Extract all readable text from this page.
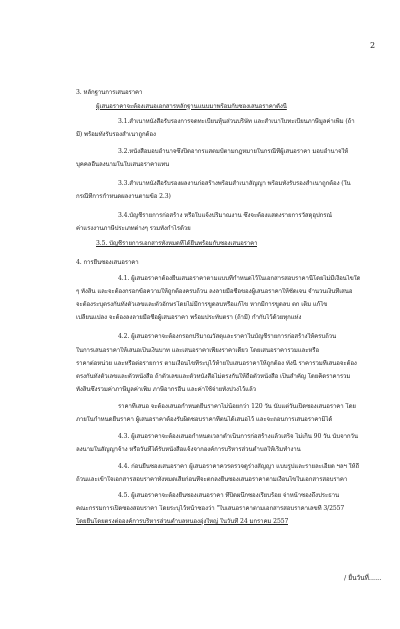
2
3. หลักฐานการเสนอราคา
ผู้เสนอราคาจะต้องเสนอเอกสารหลักฐานแนบมาพร้อมกับซองเสนอราคาดังนี้
3.1.สำเนาหนังสือรับรองการจดทะเบียนหุ้นส่วนบริษัท และสำเนาใบทะเบียนภาษีมูลค่าเพิ่ม (ถ้า
มี) พร้อมทั้งรับรองสำเนาถูกต้อง
3.2.หนังสือมอบอำนาจซึ่งปิดอากรแสตมป์ตามกฎหมายในกรณีที่ผู้เสนอราคา มอบอำนาจให้
บุคคลอื่นลงนามในใบเสนอราคาแทน
3.3.สำเนาหนังสือรับรองผลงานก่อสร้างพร้อมสำเนาสัญญา พร้อมทั้งรับรองสำเนาถูกต้อง (ใน
กรณีที่การกำหนดผลงานตามข้อ 2.3)
3.4.บัญชีรายการก่อสร้าง หรือใบแจ้งปริมาณงาน ซึ่งจะต้องแสดงรายการวัสดุอุปกรณ์
ค่าแรงงานภาษีประเภทต่างๆ รวมทั้งกำไรด้วย
3.5. บัญชีรายการเอกสารทั้งหมดที่ได้ยื่นพร้อมกับซองเสนอราคา
4. การยื่นซองเสนอราคา
4.1. ผู้เสนอราคาต้องยื่นเสนอราคาตามแบบที่กำหนดไว้ในเอกสารสอบราคานี้โดยไม่มีเงื่อนไขใด
ๆ ทั้งสิ้น และจะต้องกรอกข้อความให้ถูกต้องครบถ้วน ลงลายมือชื่อของผู้เสนอราคาให้ชัดเจน จำนวนเงินที่เสนอ
จะต้องระบุตรงกันทั้งตัวเลขและตัวอักษรโดยไม่มีการขูดลบหรือแก้ไข หากมีการขูดลบ ตก เติม แก้ไข
เปลี่ยนแปลง จะต้องลงลายมือชื่อผู้เสนอราคา พร้อมประทับตรา (ถ้ามี) กำกับไว้ด้วยทุกแห่ง
4.2. ผู้เสนอราคาจะต้องกรอกปริมาณวัสดุและราคาในบัญชีรายการก่อสร้างให้ครบถ้วน
ในการเสนอราคาให้เสนอเป็นเงินบาท และเสนอราคาเพียงราคาเดียว โดยเสนอราคารวมและหรือ
ราคาต่อหน่วย และหรือต่อรายการ ตามเงื่อนไขที่ระบุไว้ท้ายใบเสนอราคาให้ถูกต้อง ทั้งนี้ ราคารวมที่เสนอจะต้อง
ตรงกันทั้งตัวเลขและตัวหนังสือ ถ้าตัวเลขและตัวหนังสือไม่ตรงกันให้ถือตัวหนังสือ เป็นสำคัญ โดยคิดราคารวม
ทั้งสิ้นซึ่งรวมค่าภาษีมูลค่าเพิ่ม ภาษีอากรอื่น และค่าใช้จ่ายทั้งปวงไว้แล้ว
ราคาที่เสนอ จะต้องเสนอกำหนดยืนราคาไม่น้อยกว่า 120 วัน นับแต่วันเปิดซองเสนอราคา โดย
ภายในกำหนดยืนราคา ผู้เสนอราคาต้องรับผิดชอบราคาที่ตนได้เสนอไว้ และจะถอนการเสนอราคามิได้
4.3. ผู้เสนอราคาจะต้องเสนอกำหนดเวลาดำเนินการก่อสร้างแล้วเสร็จ ไม่เกิน 90 วัน นับจากวัน
ลงนามในสัญญาจ้าง หรือวันที่ได้รับหนังสือแจ้งจากองค์การบริหารส่วนตำบลให้เริ่มทำงาน
4.4. ก่อนยื่นซองเสนอราคา ผู้เสนอราคาควรตรวจดูร่างสัญญา แบบรูปและรายละเอียด ฯลฯ ให้ถี่
ถ้วนและเข้าใจเอกสารสอบราคาทั้งหมดเสียก่อนที่จะตกลงยื่นซองเสนอราคาตามเงื่อนไขในเอกสารสอบราคา
4.5. ผู้เสนอราคาจะต้องยื่นซองเสนอราคา ที่ปิดผนึกซองเรียบร้อย จ่าหน้าซองถึงประธาน
คณะกรรมการเปิดซองสอบราคา โดยระบุไว้หน้าซองว่า "ใบเสนอราคาตามเอกสารสอบราคาเลขที่ 3/2557
โดยยื่นโดยตรงต่อองค์การบริหารส่วนตำบลหนองอุ่งใหญ่ ในวันที่ 24 มกราคม 2557
/ ยื่นวันที่......
